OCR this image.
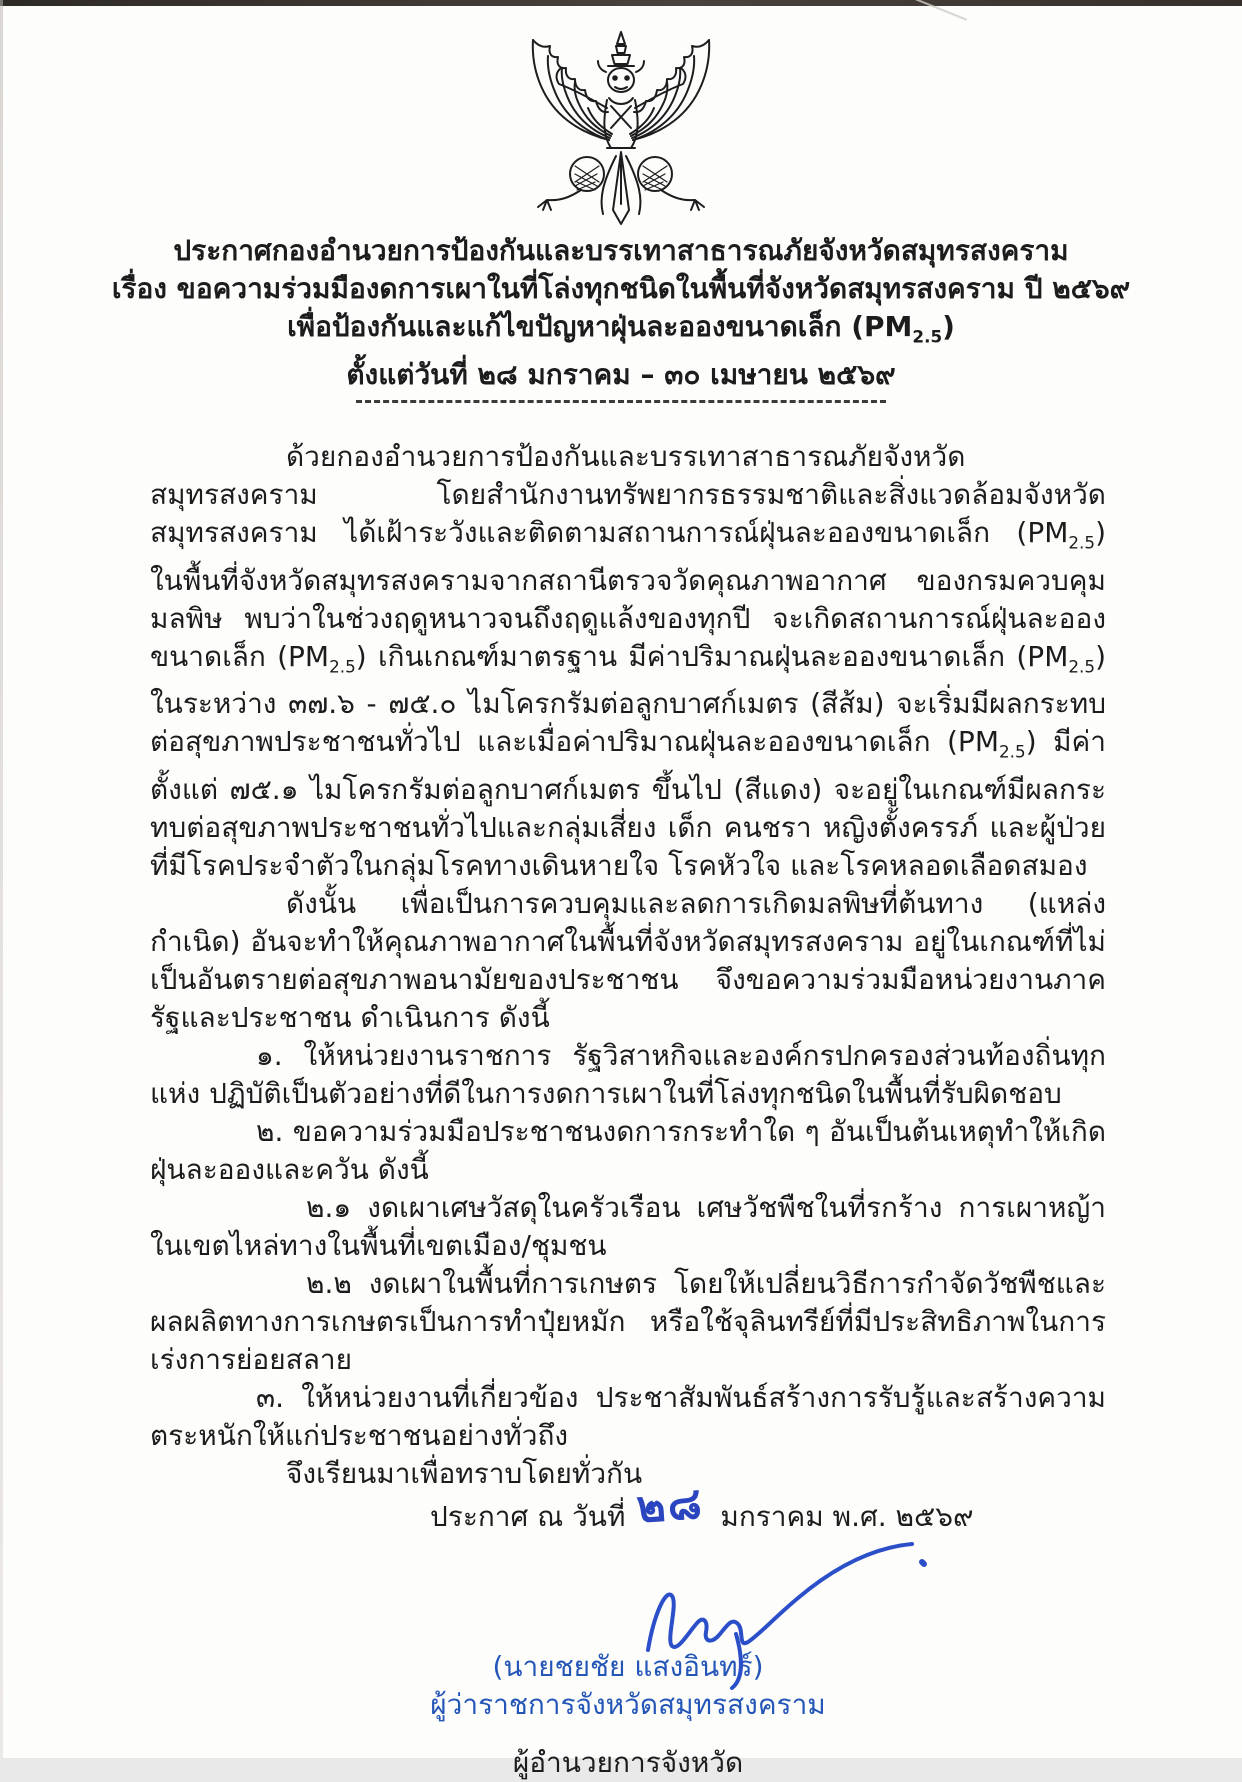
ประกาศกองอำนวยการป้องกันและบรรเทาสาธารณภัยจังหวัดสมุทรสงคราม
เรื่อง ขอความร่วมมืองดการเผาในที่โล่งทุกชนิดในพื้นที่จังหวัดสมุทรสงคราม ปี ๒๕๖๙
เพื่อป้องกันและแก้ไขปัญหาฝุ่นละอองขนาดเล็ก $(PM_{2.5})$
ตั้งแต่วันที่ ๒๘ มกราคม – ๓๐ เมษายน ๒๕๖๙

ด้วยกองอำนวยการป้องกันและบรรเทาสาธารณภัยจังหวัดสมุทรสงคราม โดยสำนักงานทรัพยากรธรรมชาติและสิ่งแวดล้อมจังหวัดสมุทรสงคราม ได้เฝ้าระวังและติดตามสถานการณ์ฝุ่นละอองขนาดเล็ก $(PM_{2.5})$ ในพื้นที่จังหวัดสมุทรสงครามจากสถานีตรวจวัดคุณภาพอากาศ ของกรมควบคุมมลพิษ พบว่าในช่วงฤดูหนาวจนถึงฤดูแล้งของทุกปี จะเกิดสถานการณ์ฝุ่นละอองขนาดเล็ก $(PM_{2.5})$ เกินเกณฑ์มาตรฐาน มีค่าปริมาณฝุ่นละอองขนาดเล็ก $(PM_{2.5})$ ในระหว่าง ๓๗.๖ - ๗๕.๐ ไมโครกรัมต่อลูกบาศก์เมตร (สีส้ม) จะเริ่มมีผลกระทบต่อสุขภาพประชาชนทั่วไป และเมื่อค่าปริมาณฝุ่นละอองขนาดเล็ก $(PM_{2.5})$ มีค่าตั้งแต่ ๗๕.๑ ไมโครกรัมต่อลูกบาศก์เมตร ขึ้นไป (สีแดง) จะอยู่ในเกณฑ์มีผลกระทบต่อสุขภาพประชาชนทั่วไปและกลุ่มเสี่ยง เด็ก คนชรา หญิงตั้งครรภ์ และผู้ป่วยที่มีโรคประจำตัวในกลุ่มโรคทางเดินหายใจ โรคหัวใจ และโรคหลอดเลือดสมอง

ดังนั้น เพื่อเป็นการควบคุมและลดการเกิดมลพิษที่ต้นทาง (แหล่งกำเนิด) อันจะทำให้คุณภาพอากาศในพื้นที่จังหวัดสมุทรสงคราม อยู่ในเกณฑ์ที่ไม่เป็นอันตรายต่อสุขภาพอนามัยของประชาชน จึงขอความร่วมมือหน่วยงานภาครัฐและประชาชน ดำเนินการ ดังนี้

๑. ให้หน่วยงานราชการ รัฐวิสาหกิจและองค์กรปกครองส่วนท้องถิ่นทุกแห่ง ปฏิบัติเป็นตัวอย่างที่ดีในการงดการเผาในที่โล่งทุกชนิดในพื้นที่รับผิดชอบ

๒. ขอความร่วมมือประชาชนงดการกระทำใด ๆ อันเป็นต้นเหตุทำให้เกิดฝุ่นละอองและควัน ดังนี้

๒.๑ งดเผาเศษวัสดุในครัวเรือน เศษวัชพืชในที่รกร้าง การเผาหญ้าในเขตไหล่ทางในพื้นที่เขตเมือง/ชุมชน

๒.๒ งดเผาในพื้นที่การเกษตร โดยให้เปลี่ยนวิธีการกำจัดวัชพืชและผลผลิตทางการเกษตรเป็นการทำปุ๋ยหมัก หรือใช้จุลินทรีย์ที่มีประสิทธิภาพในการเร่งการย่อยสลาย

๓. ให้หน่วยงานที่เกี่ยวข้อง ประชาสัมพันธ์สร้างการรับรู้และสร้างความตระหนักให้แก่ประชาชนอย่างทั่วถึง

จึงเรียนมาเพื่อทราบโดยทั่วกัน

ประกาศ ณ วันที่ ๒๘ มกราคม พ.ศ. ๒๕๖๙

(นายชยชัย แสงอินทร์)
ผู้ว่าราชการจังหวัดสมุทรสงคราม
ผู้อำนวยการจังหวัด
